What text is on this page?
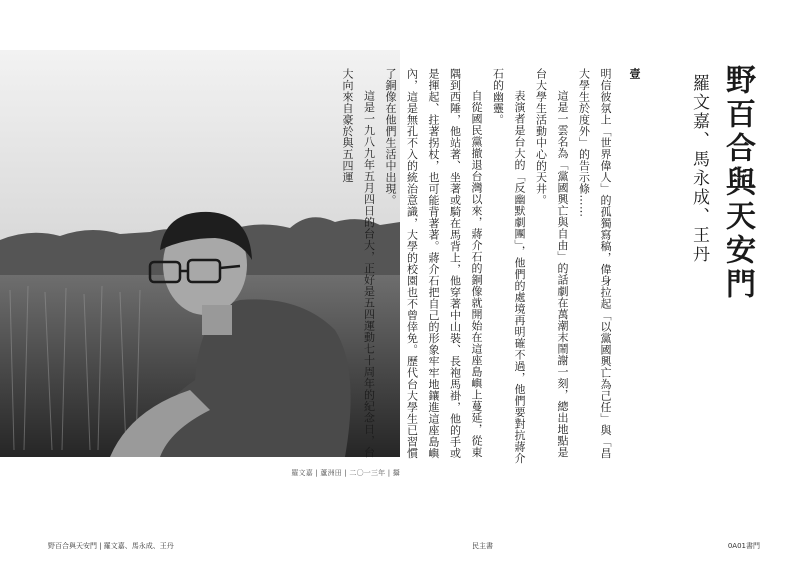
羅文嘉 | 蘆洲田 | 二〇一三年 | 攝
野百合與天安門
羅文嘉、馬永成、王丹
壹

明信彼氛上「世界偉人」的孤獨寫稿，偉身拉起「以黨國興亡為己任」與「昌大學生於度外」的告示條……

這是一雲名為「黨國興亡與自由」的話劇在萬潮末鬧謝一刻，總出地點是台大學生活動中心的天井。

表演者是台大的「反幽默劇團」，他們的處境再明確不過，他們要對抗蔣介石的幽靈。

自從國民黨撤退台灣以來，蔣介石的銅像就開始在這座島嶼上蔓延，從東隅到西陲，他站著、坐著或騎在馬背上，他穿著中山裝、長袍馬褂，他的手或是揮起、拄著拐杖，也可能背著著。蔣介石把自己的形象牢牢地鑲進這座島嶼內，這是無孔不入的統治意識，大學的校園也不曾倖免。歷代台大學生已習慣了銅像在他們生活中出現。

這是一九八九年五月四日的台大，正好是五四運動七十周年的紀念日，台大向來自豪於與五四運

野百合與天安門 | 羅文嘉、馬永成、王丹	民主書	0A01書門
